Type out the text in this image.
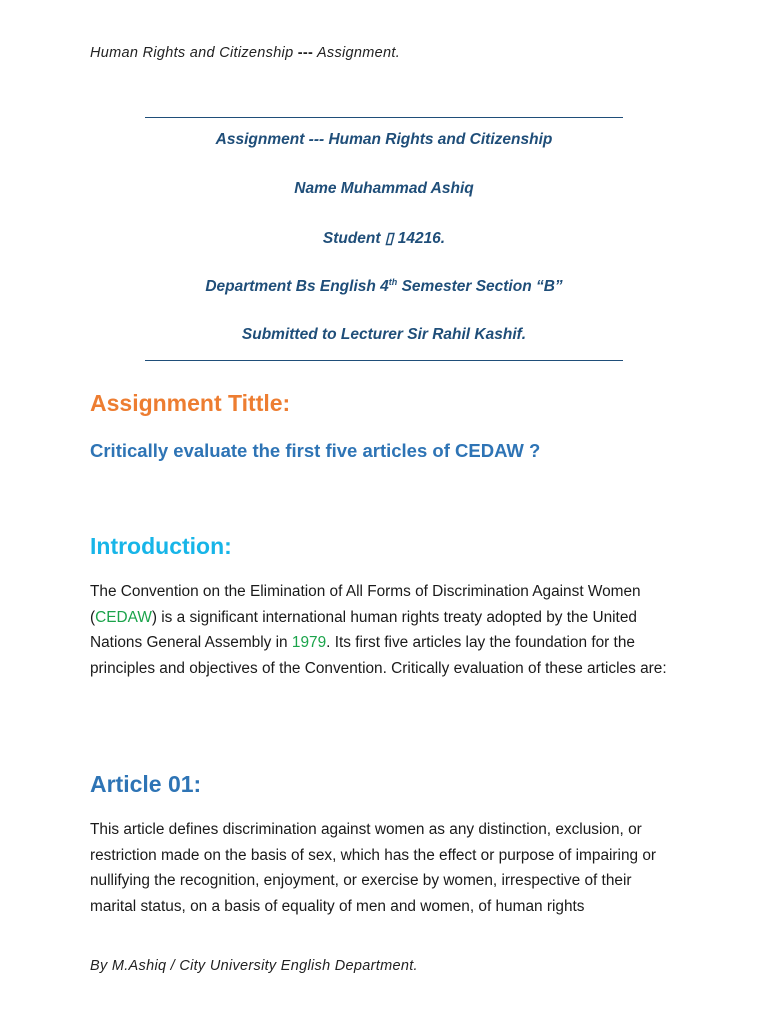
Human Rights and Citizenship --- Assignment.
Assignment --- Human Rights and Citizenship
Name Muhammad Ashiq
Student ▯ 14216.
Department Bs English 4th Semester Section “B”
Submitted to Lecturer Sir Rahil Kashif.
Assignment Tittle:
Critically evaluate the first five articles of CEDAW ?
Introduction:
The Convention on the Elimination of All Forms of Discrimination Against Women (CEDAW) is a significant international human rights treaty adopted by the United Nations General Assembly in 1979. Its first five articles lay the foundation for the principles and objectives of the Convention. Critically evaluation of these articles are:
Article 01:
This article defines discrimination against women as any distinction, exclusion, or restriction made on the basis of sex, which has the effect or purpose of impairing or nullifying the recognition, enjoyment, or exercise by women, irrespective of their marital status, on a basis of equality of men and women, of human rights
By M.Ashiq / City University English Department.
